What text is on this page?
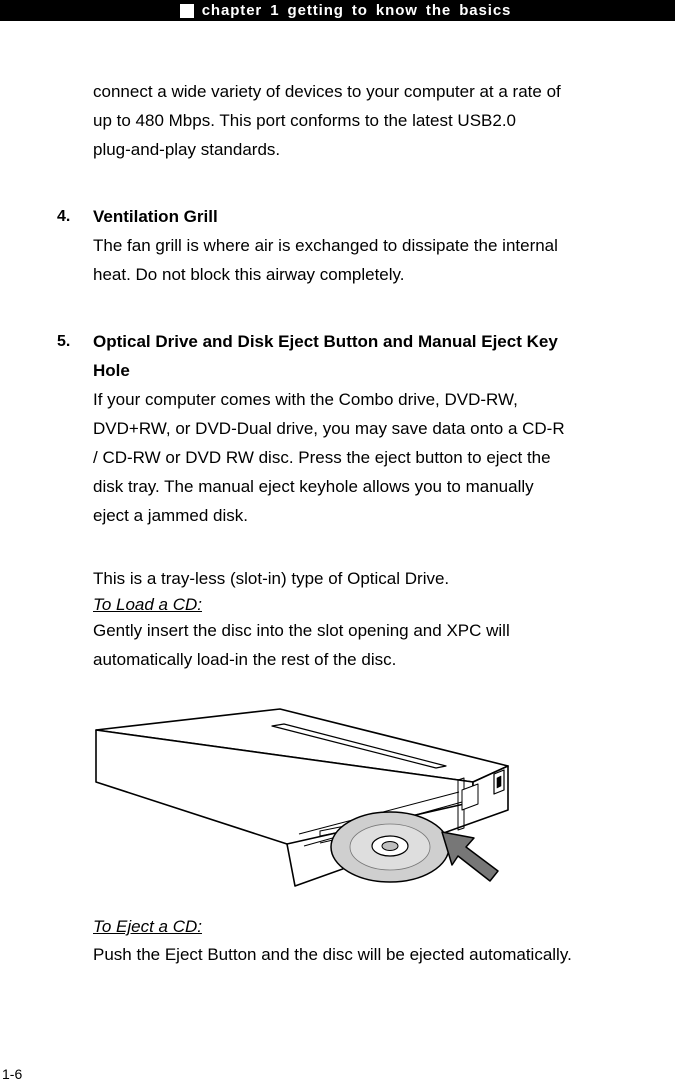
chapter 1 getting to know the basics

connect a wide variety of devices to your computer at a rate of
up to 480 Mbps. This port conforms to the latest USB2.0
plug-and-play standards.

4. Ventilation Grill

The fan grill is where air is exchanged to dissipate the internal
heat. Do not block this airway completely.

5. Optical Drive and Disk Eject Button and Manual Eject Key
Hole

If your computer comes with the Combo drive, DVD-RW,
DVD+RW, or DVD-Dual drive, you may save data onto a CD-R
/ CD-RW or DVD RW disc. Press the eject button to eject the
disk tray. The manual eject keyhole allows you to manually
eject a jammed disk.

This is a tray-less (slot-in) type of Optical Drive.
To Load a CD:
Gently insert the disc into the slot opening and XPC will
automatically load-in the rest of the disc.

To Eject a CD:
Push the Eject Button and the disc will be ejected automatically.

1-6
